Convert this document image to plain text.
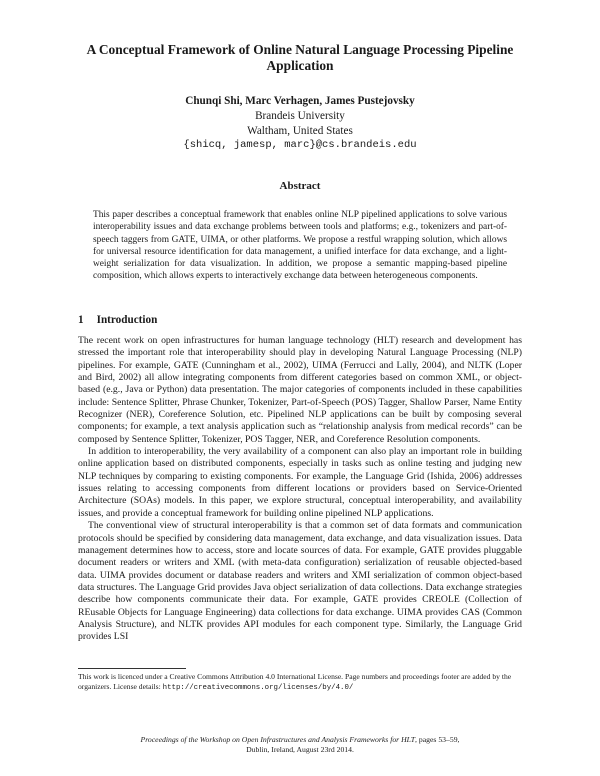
A Conceptual Framework of Online Natural Language Processing Pipeline Application
Chunqi Shi, Marc Verhagen, James Pustejovsky
Brandeis University
Waltham, United States
{shicq, jamesp, marc}@cs.brandeis.edu
Abstract
This paper describes a conceptual framework that enables online NLP pipelined applications to solve various interoperability issues and data exchange problems between tools and platforms; e.g., tokenizers and part-of-speech taggers from GATE, UIMA, or other platforms. We propose a restful wrapping solution, which allows for universal resource identification for data management, a unified interface for data exchange, and a light-weight serialization for data visualization. In addition, we propose a semantic mapping-based pipeline composition, which allows experts to interactively exchange data between heterogeneous components.
1 Introduction

The recent work on open infrastructures for human language technology (HLT) research and development has stressed the important role that interoperability should play in developing Natural Language Processing (NLP) pipelines. For example, GATE (Cunningham et al., 2002), UIMA (Ferrucci and Lally, 2004), and NLTK (Loper and Bird, 2002) all allow integrating components from different categories based on common XML, or object-based (e.g., Java or Python) data presentation. The major categories of components included in these capabilities include: Sentence Splitter, Phrase Chunker, Tokenizer, Part-of-Speech (POS) Tagger, Shallow Parser, Name Entity Recognizer (NER), Coreference Solution, etc. Pipelined NLP applications can be built by composing several components; for example, a text analysis application such as “relationship analysis from medical records” can be composed by Sentence Splitter, Tokenizer, POS Tagger, NER, and Coreference Resolution components.

In addition to interoperability, the very availability of a component can also play an important role in building online application based on distributed components, especially in tasks such as online testing and judging new NLP techniques by comparing to existing components. For example, the Language Grid (Ishida, 2006) addresses issues relating to accessing components from different locations or providers based on Service-Oriented Architecture (SOAs) models. In this paper, we explore structural, conceptual interoperability, and availability issues, and provide a conceptual framework for building online pipelined NLP applications.

The conventional view of structural interoperability is that a common set of data formats and communication protocols should be specified by considering data management, data exchange, and data visualization issues. Data management determines how to access, store and locate sources of data. For example, GATE provides pluggable document readers or writers and XML (with meta-data configuration) serialization of reusable objected-based data. UIMA provides document or database readers and writers and XMI serialization of common object-based data structures. The Language Grid provides Java object serialization of data collections. Data exchange strategies describe how components communicate their data. For example, GATE provides CREOLE (Collection of REusable Objects for Language Engineering) data collections for data exchange. UIMA provides CAS (Common Analysis Structure), and NLTK provides API modules for each component type. Similarly, the Language Grid provides LSI

This work is licenced under a Creative Commons Attribution 4.0 International License. Page numbers and proceedings footer are added by the organizers. License details: http://creativecommons.org/licenses/by/4.0/
Proceedings of the Workshop on Open Infrastructures and Analysis Frameworks for HLT, pages 53–59,
Dublin, Ireland, August 23rd 2014.
